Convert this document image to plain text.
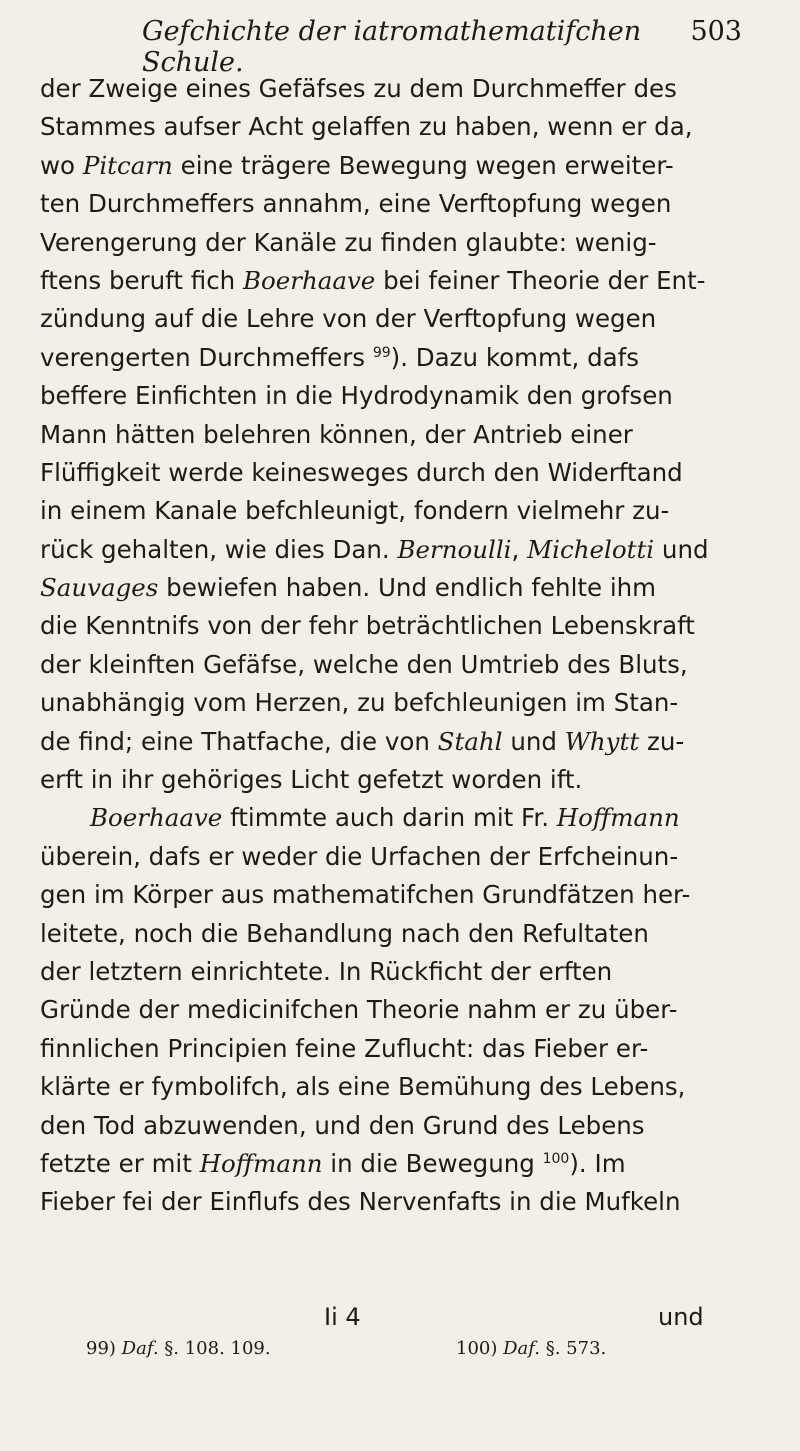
Gefchichte der iatromathematifchen Schule.
503
der Zweige eines Gefäfses zu dem Durchmeffer des
Stammes aufser Acht gelaffen zu haben, wenn er da,
wo Pitcarn eine trägere Bewegung wegen erweiter-
ten Durchmeffers annahm, eine Verftopfung wegen
Verengerung der Kanäle zu finden glaubte: wenig-
ftens beruft fich Boerhaave bei feiner Theorie der Ent-
zündung auf die Lehre von der Verftopfung wegen
verengerten Durchmeffers $^{99}$). Dazu kommt, dafs
beffere Einfichten in die Hydrodynamik den grofsen
Mann hätten belehren können, der Antrieb einer
Flüffigkeit werde keinesweges durch den Widerftand
in einem Kanale befchleunigt, fondern vielmehr zu-
rück gehalten, wie dies Dan. Bernoulli, Michelotti und
Sauvages bewiefen haben. Und endlich fehlte ihm
die Kenntnifs von der fehr beträchtlichen Lebenskraft
der kleinften Gefäfse, welche den Umtrieb des Bluts,
unabhängig vom Herzen, zu befchleunigen im Stan-
de find; eine Thatfache, die von Stahl und Whytt zu-
erft in ihr gehöriges Licht gefetzt worden ift.
Boerhaave ftimmte auch darin mit Fr. Hoffmann
überein, dafs er weder die Urfachen der Erfcheinun-
gen im Körper aus mathematifchen Grundfätzen her-
leitete, noch die Behandlung nach den Refultaten
der letztern einrichtete. In Rückficht der erften
Gründe der medicinifchen Theorie nahm er zu über-
finnlichen Principien feine Zuflucht: das Fieber er-
klärte er fymbolifch, als eine Bemühung des Lebens,
den Tod abzuwenden, und den Grund des Lebens
fetzte er mit Hoffmann in die Bewegung $^{100}$). Im
Fieber fei der Einflufs des Nervenfafts in die Mufkeln
Ii 4	und
99) Daf. §. 108. 109.	100) Daf. §. 573.
